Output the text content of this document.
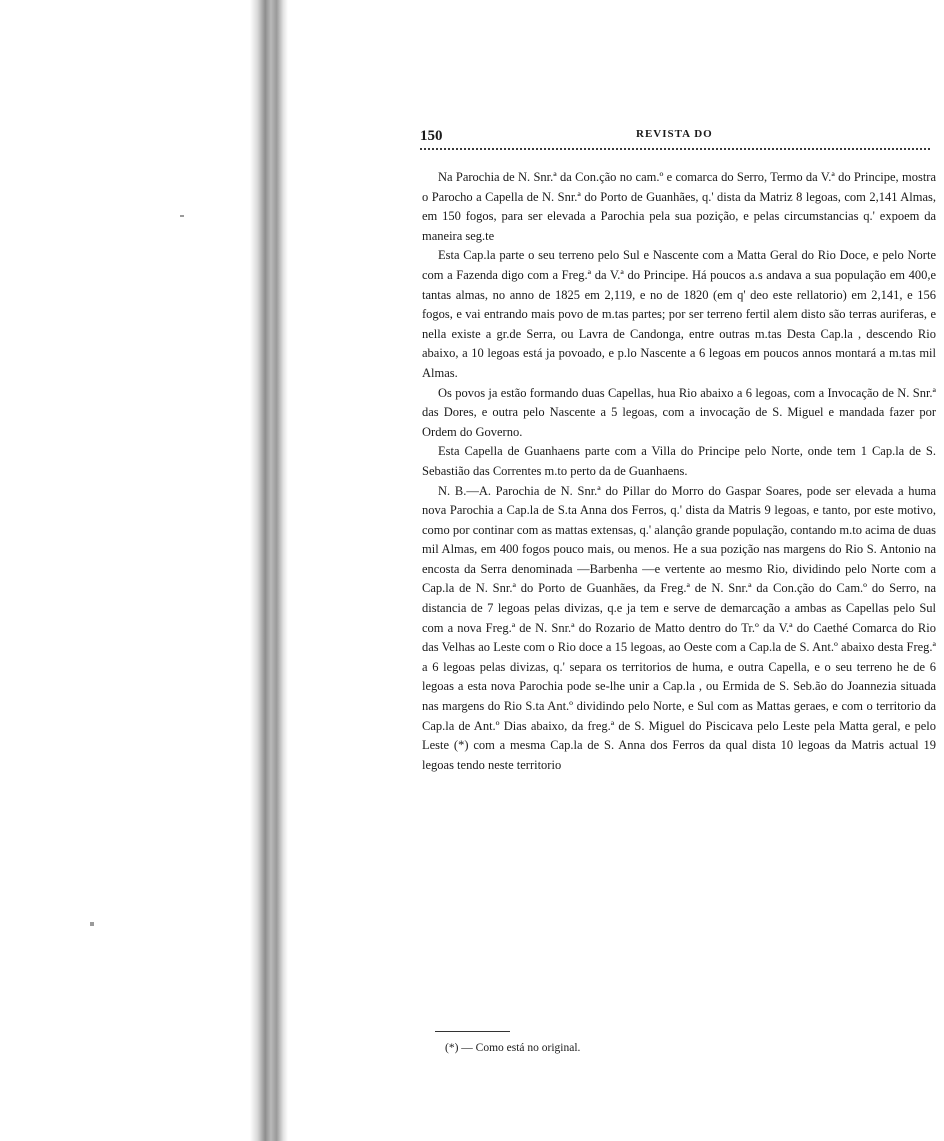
150	REVISTA DO

Na Parochia de N. Snr.ª da Con.ção no cam.º e comarca do Serro, Termo da V.ª do Principe, mostra o Parocho a Capella de N. Snr.ª do Porto de Guanhães, q.' dista da Matriz 8 legoas, com 2,141 Almas, em 150 fogos, para ser elevada a Parochia pela sua pozição, e pelas circumstancias q.' expoem da maneira seg.te

Esta Cap.la parte o seu terreno pelo Sul e Nascente com a Matta Geral do Rio Doce, e pelo Norte com a Fazenda digo com a Freg.ª da V.ª do Principe. Há poucos a.s andava a sua população em 400,e tantas almas, no anno de 1825 em 2,119, e no de 1820 (em q' deo este rellatorio) em 2,141, e 156 fogos, e vai entrando mais povo de m.tas partes; por ser terreno fertil alem disto são terras auriferas, e nella existe a gr.de Serra, ou Lavra de Candonga, entre outras m.tas Desta Cap.la , descendo Rio abaixo, a 10 legoas está ja povoado, e p.lo Nascente a 6 legoas em poucos annos montará a m.tas mil Almas.

Os povos ja estão formando duas Capellas, hua Rio abaixo a 6 legoas, com a Invocação de N. Snr.ª das Dores, e outra pelo Nascente a 5 legoas, com a invocação de S. Miguel e mandada fazer por Ordem do Governo.

Esta Capella de Guanhaens parte com a Villa do Principe pelo Norte, onde tem 1 Cap.la de S. Sebastião das Correntes m.to perto da de Guanhaens.

N. B.—A. Parochia de N. Snr.ª do Pillar do Morro do Gaspar Soares, pode ser elevada a huma nova Parochia a Cap.la de S.ta Anna dos Ferros, q.' dista da Matris 9 legoas, e tanto, por este motivo, como por continar com as mattas extensas, q.' alançâo grande população, contando m.to acima de duas mil Almas, em 400 fogos pouco mais, ou menos. He a sua pozição nas margens do Rio S. Antonio na encosta da Serra denominada —Barbenha —e vertente ao mesmo Rio, dividindo pelo Norte com a Cap.la de N. Snr.ª do Porto de Guanhães, da Freg.ª de N. Snr.ª da Con.ção do Cam.º do Serro, na distancia de 7 legoas pelas divizas, q.e ja tem e serve de demarcação a ambas as Capellas pelo Sul com a nova Freg.ª de N. Snr.ª do Rozario de Matto dentro do Tr.º da V.ª do Caethé Comarca do Rio das Velhas ao Leste com o Rio doce a 15 legoas, ao Oeste com a Cap.la de S. Ant.º abaixo desta Freg.ª a 6 legoas pelas divizas, q.' separa os territorios de huma, e outra Capella, e o seu terreno he de 6 legoas a esta nova Parochia pode se-lhe unir a Cap.la , ou Ermida de S. Seb.ão do Joannezia situada nas margens do Rio S.ta Ant.º dividindo pelo Norte, e Sul com as Mattas geraes, e com o territorio da Cap.la de Ant.º Dias abaixo, da freg.ª de S. Miguel do Piscicava pelo Leste pela Matta geral, e pelo Leste (*) com a mesma Cap.la de S. Anna dos Ferros da qual dista 10 legoas da Matris actual 19 legoas tendo neste territorio

(*) — Como está no original.
